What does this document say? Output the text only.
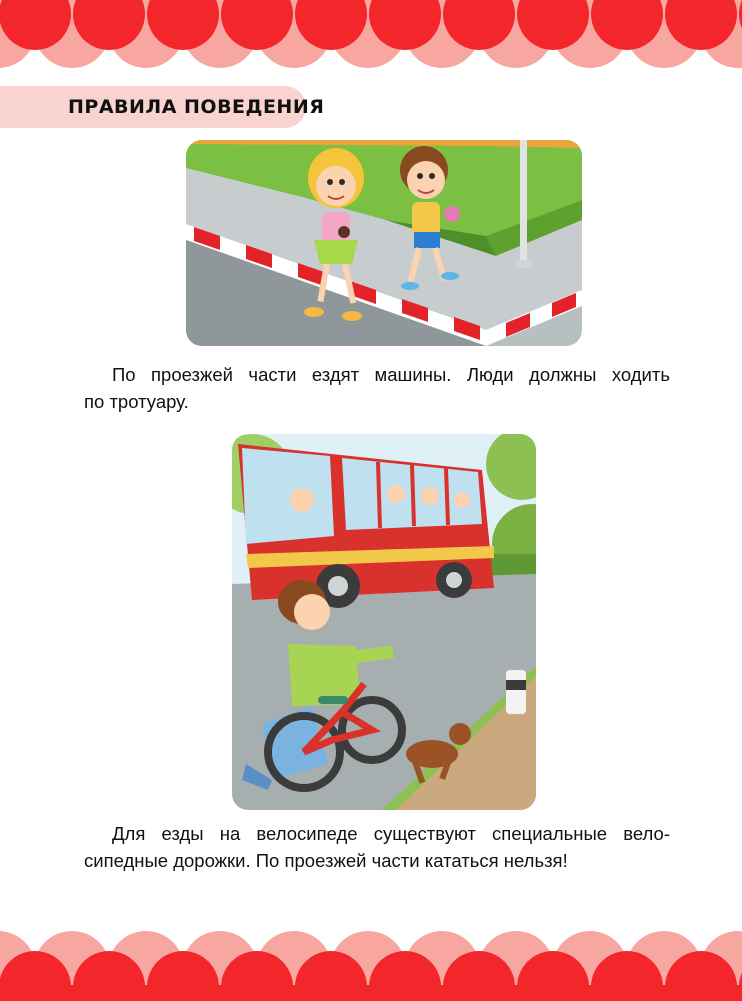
ПРАВИЛА ПОВЕДЕНИЯ

По проезжей части ездят машины. Люди должны ходить
по тротуару.

Для езды на велосипеде существуют специальные вело-
сипедные дорожки. По проезжей части кататься нельзя!
